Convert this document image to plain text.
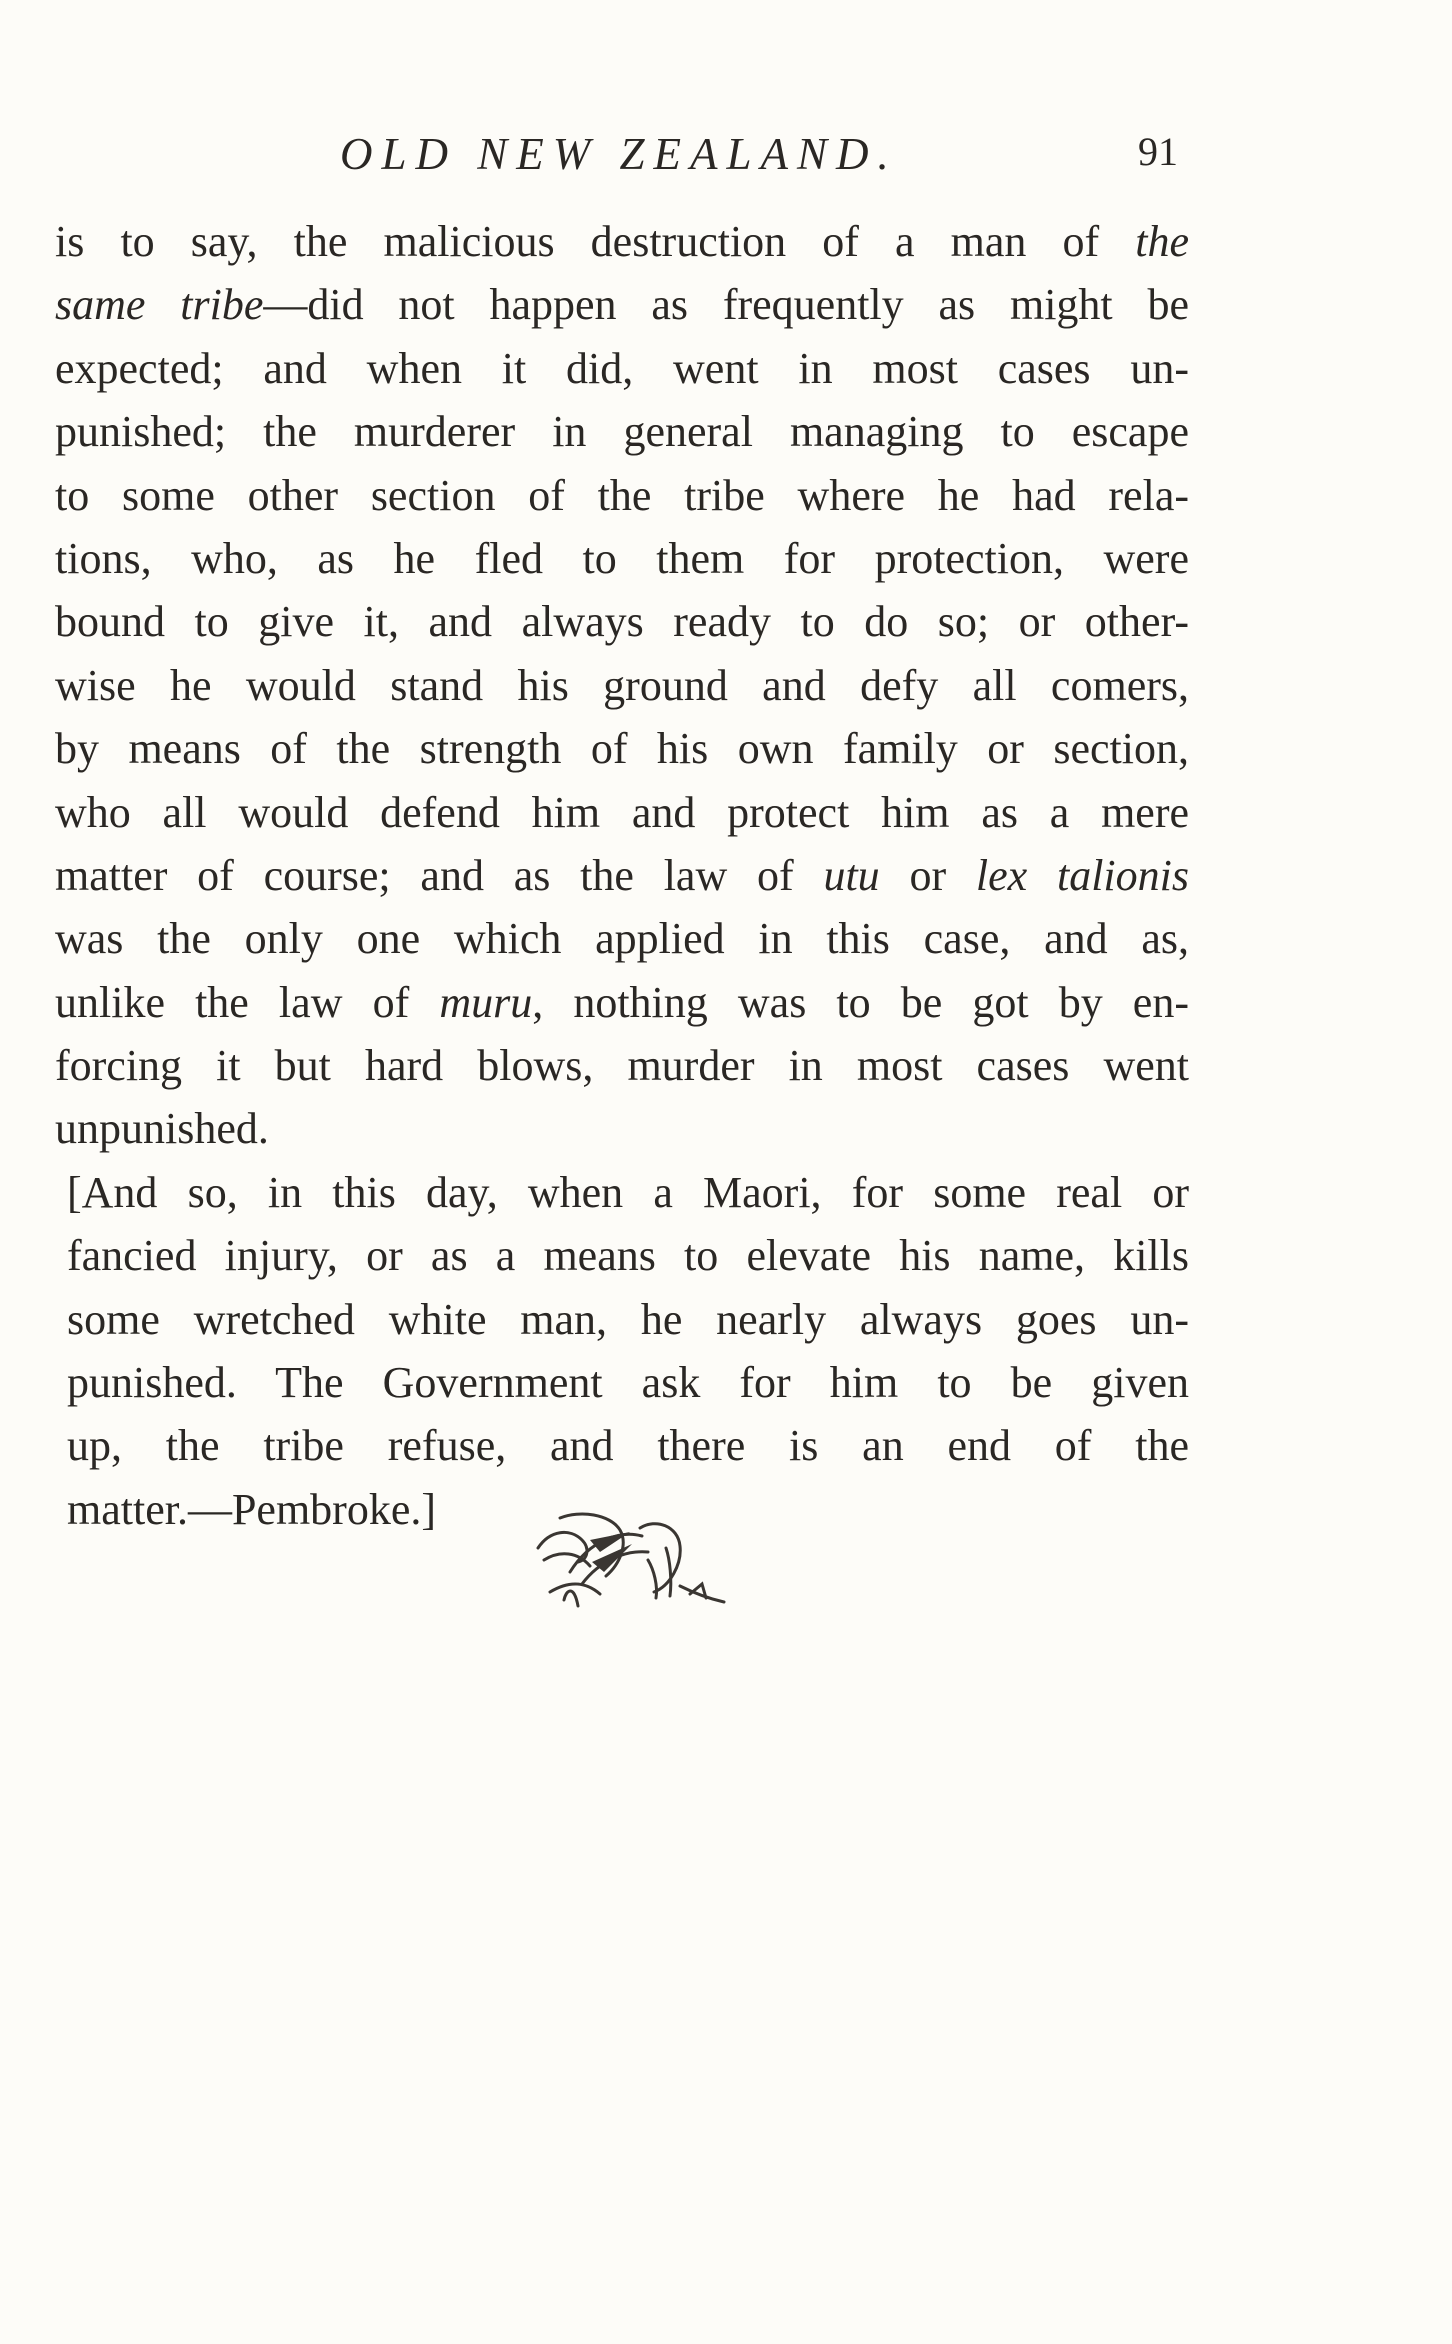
OLD NEW ZEALAND.	91
is to say, the malicious destruction of a man of the
same tribe—did not happen as frequently as might be
expected; and when it did, went in most cases un-
punished; the murderer in general managing to escape
to some other section of the tribe where he had rela-
tions, who, as he fled to them for protection, were
bound to give it, and always ready to do so; or other-
wise he would stand his ground and defy all comers,
by means of the strength of his own family or section,
who all would defend him and protect him as a mere
matter of course; and as the law of utu or lex talionis
was the only one which applied in this case, and as,
unlike the law of muru, nothing was to be got by en-
forcing it but hard blows, murder in most cases went
unpunished.
[And so, in this day, when a Maori, for some real or
fancied injury, or as a means to elevate his name, kills
some wretched white man, he nearly always goes un-
punished. The Government ask for him to be given
up, the tribe refuse, and there is an end of the
matter.—Pembroke.]
